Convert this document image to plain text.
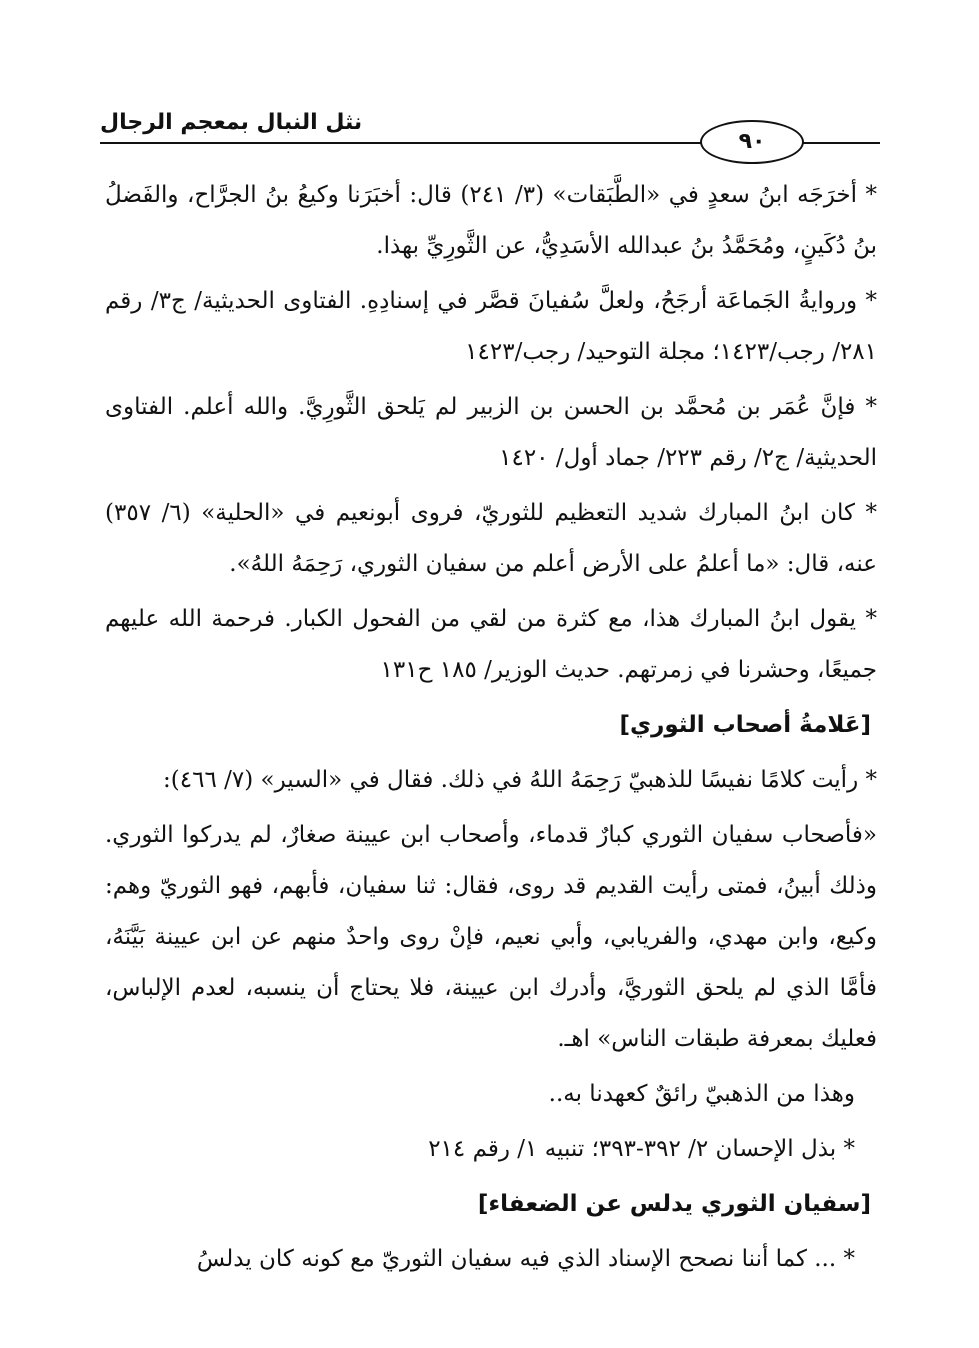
نثل النبال بمعجم الرجال
٩٠

* أخرَجَه ابنُ سعدٍ في «الطَّبَقات» (٣/ ٢٤١) قال: أخبَرَنا وكيعُ بنُ الجرَّاح، والفَضلُ بنُ دُكَينٍ، ومُحَمَّدُ بنُ عبدالله الأسَدِيُّ، عن الثَّورِيِّ بهذا.

* وروايةُ الجَماعَة أرجَحُ، ولعلَّ سُفيانَ قصَّر في إسنادِهِ. الفتاوى الحديثية/ ج٣/ رقم ٢٨١/ رجب/١٤٢٣؛ مجلة التوحيد/ رجب/١٤٢٣

* فإنَّ عُمَر بن مُحمَّد بن الحسن بن الزبير لم يَلحق الثَّورِيَّ. والله أعلم. الفتاوى الحديثية/ ج٢/ رقم ٢٢٣/ جماد أول/ ١٤٢٠

* كان ابنُ المبارك شديد التعظيم للثوريّ، فروى أبونعيم في «الحلية» (٦/ ٣٥٧) عنه، قال: «ما أعلمُ على الأرض أعلم من سفيان الثوري، رَحِمَهُ اللهُ».

* يقول ابنُ المبارك هذا، مع كثرة من لقي من الفحول الكبار. فرحمة الله عليهم جميعًا، وحشرنا في زمرتهم. حديث الوزير/ ١٨٥ ح١٣١

[عَلامةُ أصحاب الثوري]

* رأيت كلامًا نفيسًا للذهبيّ رَحِمَهُ اللهُ في ذلك. فقال في «السير» (٧/ ٤٦٦):

«فأصحاب سفيان الثوري كبارٌ قدماء، وأصحاب ابن عيينة صغارٌ، لم يدركوا الثوري. وذلك أبينُ، فمتى رأيت القديم قد روى، فقال: ثنا سفيان، فأبهم، فهو الثوريّ وهم: وكيع، وابن مهدي، والفريابي، وأبي نعيم، فإنْ روى واحدٌ منهم عن ابن عيينة بَيَّنَهُ، فأمَّا الذي لم يلحق الثوريَّ، وأدرك ابن عيينة، فلا يحتاج أن ينسبه، لعدم الإلباس، فعليك بمعرفة طبقات الناس» اهـ.

وهذا من الذهبيّ رائقٌ كعهدنا به..

* بذل الإحسان ٢/ ٣٩٢-٣٩٣؛ تنبيه ١/ رقم ٢١٤

[سفيان الثوري يدلس عن الضعفاء]

* ... كما أننا نصحح الإسناد الذي فيه سفيان الثوريّ مع كونه كان يدلسُ
